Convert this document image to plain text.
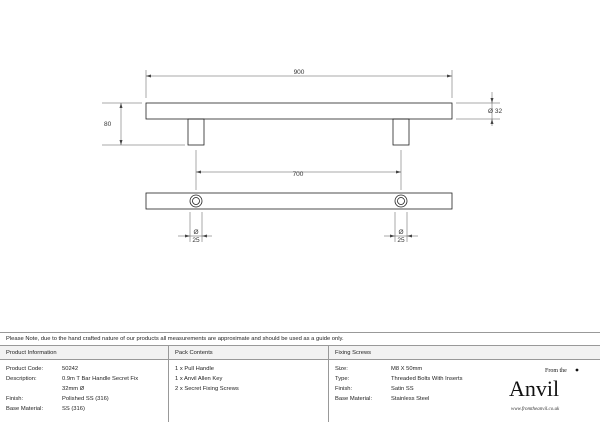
900
80
Ø 32
700
Ø
25
Ø
25
Please Note, due to the hand crafted nature of our products all measurements are approximate and should be used as a guide only.
Product Information
Product Code:	50242
Description:	0.9m T Bar Handle Secret Fix
32mm Ø
Finish:	Polished SS (316)
Base Material:	SS (316)
Pack Contents
1 x Pull Handle
1 x Anvil Allen Key
2 x Secret Fixing Screws
Fixing Screws
Size:	M8 X 50mm
Type:	Threaded Bolts With Inserts
Finish:	Satin SS
Base Material:	Stainless Steel
From the
Anvil
www.fromtheanvil.co.uk
